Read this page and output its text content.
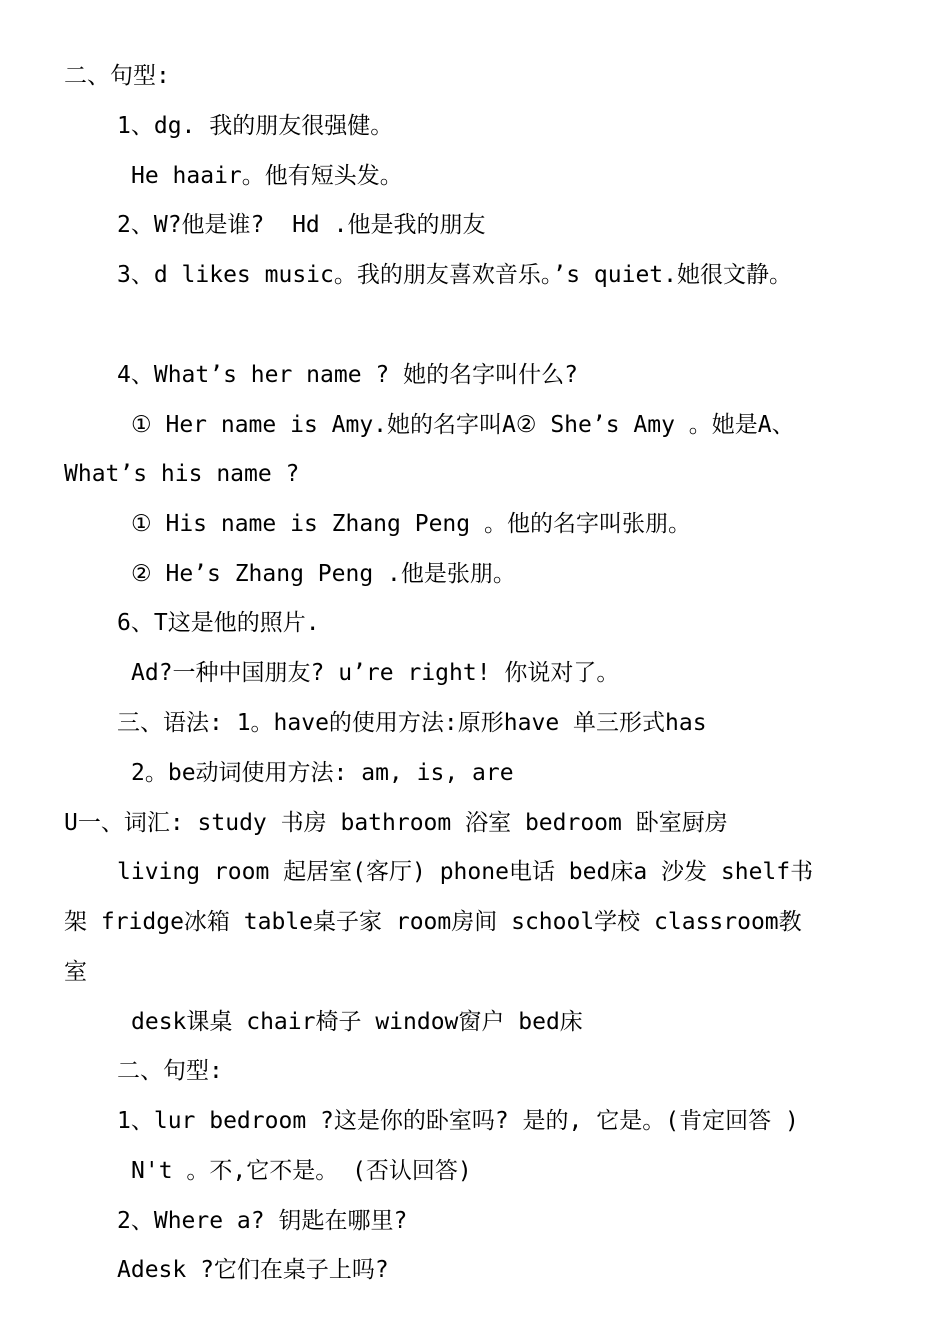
二、句型:
1、dg. 我的朋友很强健。
He haair。他有短头发。
2、W?他是谁?  Hd .他是我的朋友
3、d likes music。我的朋友喜欢音乐。’s quiet.她很文静。
4、What’s her name ? 她的名字叫什么?
① Her name is Amy.她的名字叫A② She’s Amy 。她是A、
What’s his name ?
① His name is Zhang Peng 。他的名字叫张朋。
② He’s Zhang Peng .他是张朋。
6、T这是他的照片.
Ad?一种中国朋友? u’re right! 你说对了。
三、语法: 1。have的使用方法:原形have 单三形式has
2。be动词使用方法: am, is, are
U一、词汇: study 书房 bathroom 浴室 bedroom 卧室厨房
living room 起居室(客厅) phone电话 bed床a 沙发 shelf书
架 fridge冰箱 table桌子家 room房间 school学校 classroom教
室
desk课桌 chair椅子 window窗户 bed床
二、句型:
1、lur bedroom ?这是你的卧室吗? 是的, 它是。(肯定回答 )
N't 。不,它不是。 (否认回答)
2、Where a? 钥匙在哪里?
Adesk ?它们在桌子上吗?
